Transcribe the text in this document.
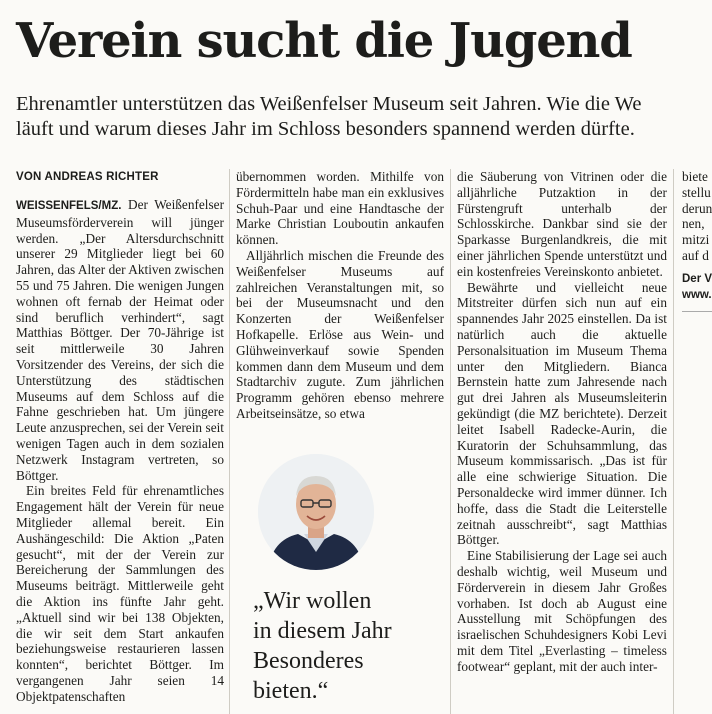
Verein sucht die Jugend
Ehrenamtler unterstützen das Weißenfelser Museum seit Jahren. Wie die We
läuft und warum dieses Jahr im Schloss besonders spannend werden dürfte.
VON ANDREAS RICHTER

WEISSENFELS/MZ. Der Weißenfelser Museumsförderverein will jünger werden. „Der Altersdurchschnitt unserer 29 Mitglieder liegt bei 60 Jahren, das Alter der Aktiven zwischen 55 und 75 Jahren. Die wenigen Jungen wohnen oft fernab der Heimat oder sind beruflich verhindert“, sagt Matthias Böttger. Der 70-Jährige ist seit mittlerweile 30 Jahren Vorsitzender des Vereins, der sich die Unterstützung des städtischen Museums auf dem Schloss auf die Fahne geschrieben hat. Um jüngere Leute anzusprechen, sei der Verein seit wenigen Tagen auch in dem sozialen Netzwerk Instagram vertreten, so Böttger.

Ein breites Feld für ehrenamtliches Engagement hält der Verein für neue Mitglieder allemal bereit. Ein Aushängeschild: Die Aktion „Paten gesucht“, mit der der Verein zur Bereicherung der Sammlungen des Museums beiträgt. Mittlerweile geht die Aktion ins fünfte Jahr geht. „Aktuell sind wir bei 138 Objekten, die wir seit dem Start ankaufen beziehungsweise restaurieren lassen konnten“, berichtet Böttger. Im vergangenen Jahr seien 14 Objektpatenschaften

übernommen worden. Mithilfe von Fördermitteln habe man ein exklusives Schuh-Paar und eine Handtasche der Marke Christian Louboutin ankaufen können.

Alljährlich mischen die Freunde des Weißenfelser Museums auf zahlreichen Veranstaltungen mit, so bei der Museumsnacht und den Konzerten der Weißenfelser Hofkapelle. Erlöse aus Wein- und Glühweinverkauf sowie Spenden kommen dann dem Museum und dem Stadtarchiv zugute. Zum jährlichen Programm gehören ebenso mehrere Arbeitseinsätze, so etwa

„Wir wollen
in diesem Jahr
Besonderes
bieten.“

die Säuberung von Vitrinen oder die alljährliche Putzaktion in der Fürstengruft unterhalb der Schlosskirche. Dankbar sind sie der Sparkasse Burgenlandkreis, die mit einer jährlichen Spende unterstützt und ein kostenfreies Vereinskonto anbietet.

Bewährte und vielleicht neue Mitstreiter dürfen sich nun auf ein spannendes Jahr 2025 einstellen. Da ist natürlich auch die aktuelle Personalsituation im Museum Thema unter den Mitgliedern. Bianca Bernstein hatte zum Jahresende nach gut drei Jahren als Museumsleiterin gekündigt (die MZ berichtete). Derzeit leitet Isabell Radecke-Aurin, die Kuratorin der Schuhsammlung, das Museum kommissarisch. „Das ist für alle eine schwierige Situation. Die Personaldecke wird immer dünner. Ich hoffe, dass die Stadt die Leiterstelle zeitnah ausschreibt“, sagt Matthias Böttger.

Eine Stabilisierung der Lage sei auch deshalb wichtig, weil Museum und Förderverein in diesem Jahr Großes vorhaben. Ist doch ab August eine Ausstellung mit Schöpfungen des israelischen Schuhdesigners Kobi Levi mit dem Titel „Everlasting – timeless footwear“ geplant, mit der auch inter-

biete
stellu
derun
nen,
mitzi
auf d
Der V
www.
